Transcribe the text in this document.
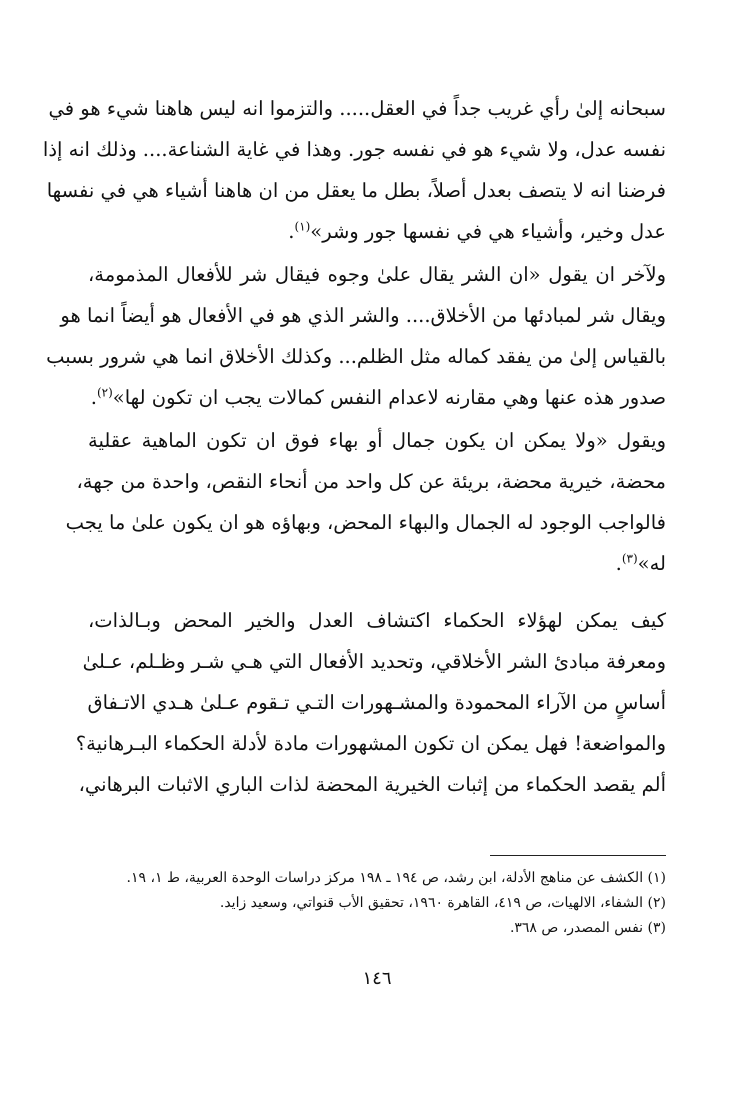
سبحانه إلىٰ رأي غريب جداً في العقل..... والتزموا انه ليس هاهنا شيء هو في
نفسه عدل، ولا شيء هو في نفسه جور. وهذا في غاية الشناعة.... وذلك انه إذا
فرضنا انه لا يتصف بعدل أصلاً، بطل ما يعقل من ان هاهنا أشياء هي في نفسها
عدل وخير، وأشياء هي في نفسها جور وشر»$^{(١)}$.
ولآخر ان يقول «ان الشر يقال علىٰ وجوه فيقال شر للأفعال المذمومة،
ويقال شر لمبادئها من الأخلاق.... والشر الذي هو في الأفعال هو أيضاً انما هو
بالقياس إلىٰ من يفقد كماله مثل الظلم... وكذلك الأخلاق انما هي شرور بسبب
صدور هذه عنها وهي مقارنه لاعدام النفس كمالات يجب ان تكون لها»$^{(٢)}$.
ويقول «ولا يمكن ان يكون جمال أو بهاء فوق ان تكون الماهية عقلية
محضة، خيرية محضة، بريئة عن كل واحد من أنحاء النقص، واحدة من جهة،
فالواجب الوجود له الجمال والبهاء المحض، وبهاؤه هو ان يكون علىٰ ما يجب
له»$^{(٣)}$.
كيف يمكن لهؤلاء الحكماء اكتشاف العدل والخير المحض وبـالذات،
ومعرفة مبادئ الشر الأخلاقي، وتحديد الأفعال التي هـي شـر وظـلم، عـلىٰ
أساسٍ من الآراء المحمودة والمشـهورات التـي تـقوم عـلىٰ هـدي الاتـفاق
والمواضعة! فهل يمكن ان تكون المشهورات مادة لأدلة الحكماء البـرهانية؟
ألم يقصد الحكماء من إثبات الخيرية المحضة لذات الباري الاثبات البرهاني،
(١) الكشف عن مناهج الأدلة، ابن رشد، ص ١٩٤ ـ ١٩٨ مركز دراسات الوحدة العربية، ط ١، ١٩.
(٢) الشفاء، الالهيات، ص ٤١٩، القاهرة ١٩٦٠، تحقيق الأب قنواتي، وسعيد زايد.
(٣) نفس المصدر، ص ٣٦٨.
١٤٦
